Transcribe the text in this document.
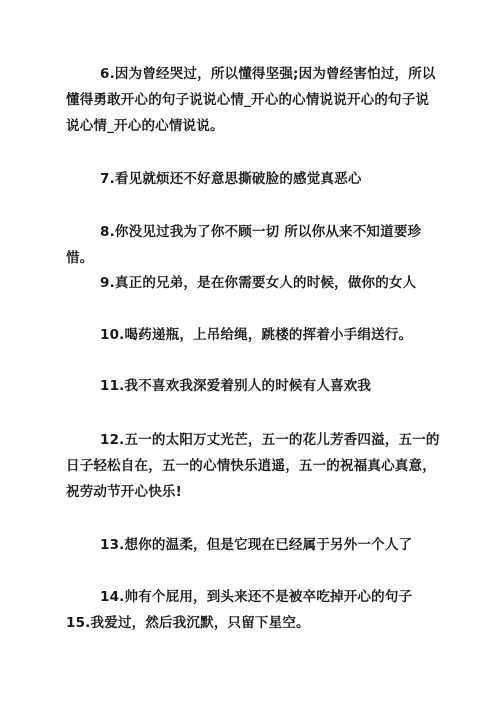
6.因为曾经哭过，所以懂得坚强;因为曾经害怕过，所以懂得勇敢开心的句子说说心情_开心的心情说说开心的句子说说心情_开心的心情说说。
7.看见就烦还不好意思撕破脸的感觉真恶心
8.你没见过我为了你不顾一切 所以你从来不知道要珍惜。
9.真正的兄弟，是在你需要女人的时候，做你的女人
10.喝药递瓶，上吊给绳，跳楼的挥着小手绢送行。
11.我不喜欢我深爱着别人的时候有人喜欢我
12.五一的太阳万丈光芒，五一的花儿芳香四溢，五一的日子轻松自在，五一的心情快乐逍遥，五一的祝福真心真意，祝劳动节开心快乐!
13.想你的温柔，但是它现在已经属于另外一个人了
14.帅有个屁用，到头来还不是被卒吃掉开心的句子15.我爱过，然后我沉默，只留下星空。
